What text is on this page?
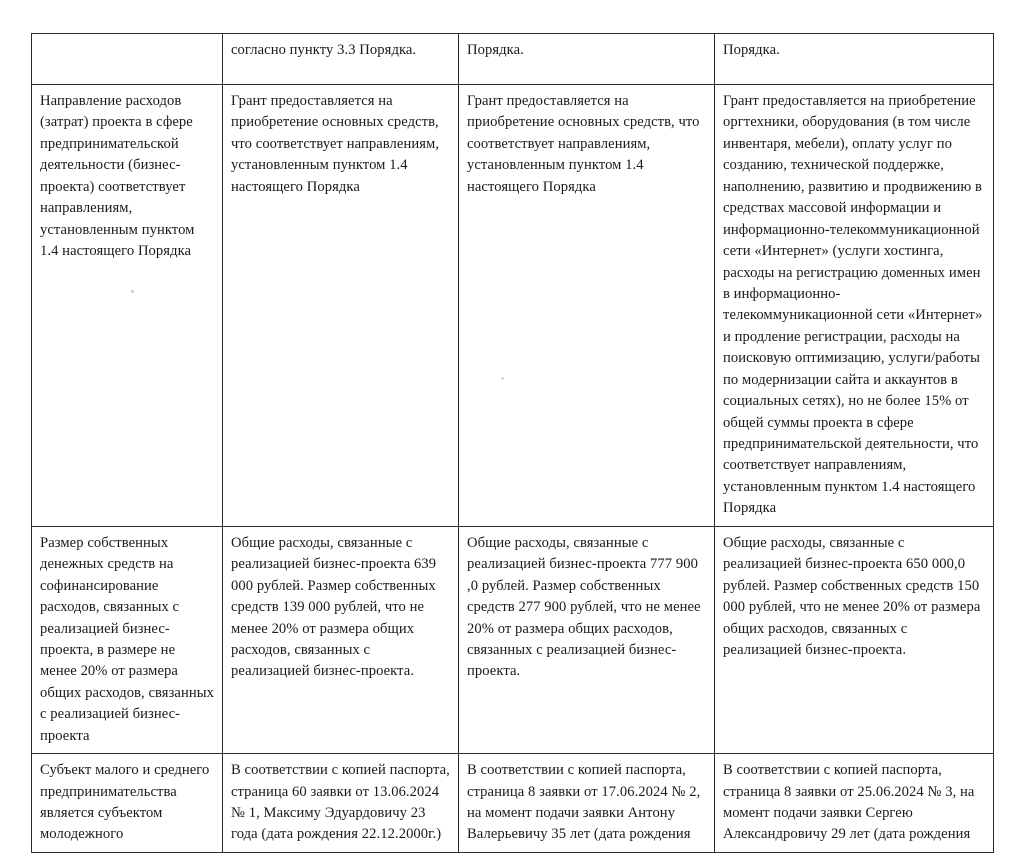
	согласно пункту 3.3 Порядка.	Порядка.	Порядка.

Направление расходов (затрат) проекта в сфере предпринимательской деятельности (бизнес-проекта) соответствует направлениям, установленным пунктом 1.4 настоящего Порядка	Грант предоставляется на приобретение основных средств, что соответствует направлениям, установленным пунктом 1.4 настоящего Порядка	Грант предоставляется на приобретение основных средств, что соответствует направлениям, установленным пунктом 1.4 настоящего Порядка	Грант предоставляется на приобретение оргтехники, оборудования (в том числе инвентаря, мебели), оплату услуг по созданию, технической поддержке, наполнению, развитию и продвижению в средствах массовой информации и информационно-телекоммуникационной сети «Интернет» (услуги хостинга, расходы на регистрацию доменных имен в информационно-телекоммуникационной сети «Интернет» и продление регистрации, расходы на поисковую оптимизацию, услуги/работы по модернизации сайта и аккаунтов в социальных сетях), но не более 15% от общей суммы проекта в сфере предпринимательской деятельности, что соответствует направлениям, установленным пунктом 1.4 настоящего Порядка

Размер собственных денежных средств на софинансирование расходов, связанных с реализацией бизнес-проекта, в размере не менее 20% от размера общих расходов, связанных с реализацией бизнес-проекта	Общие расходы, связанные с реализацией бизнес-проекта 639 000 рублей. Размер собственных средств 139 000 рублей, что не менее 20% от размера общих расходов, связанных с реализацией бизнес-проекта.	Общие расходы, связанные с реализацией бизнес-проекта 777 900 ,0 рублей. Размер собственных средств 277 900 рублей, что не менее 20% от размера общих расходов, связанных с реализацией бизнес-проекта.	Общие расходы, связанные с реализацией бизнес-проекта 650 000,0 рублей. Размер собственных средств 150 000 рублей, что не менее 20% от размера общих расходов, связанных с реализацией бизнес-проекта.

Субъект малого и среднего предпринимательства является субъектом молодежного	В соответствии с копией паспорта, страница 60 заявки от 13.06.2024 № 1, Максиму Эдуардовичу 23 года (дата рождения 22.12.2000г.)	В соответствии с копией паспорта, страница 8 заявки от 17.06.2024 № 2, на момент подачи заявки Антону Валерьевичу 35 лет (дата рождения	В соответствии с копией паспорта, страница 8 заявки от 25.06.2024 № 3, на момент подачи заявки Сергею Александровичу 29 лет (дата рождения
